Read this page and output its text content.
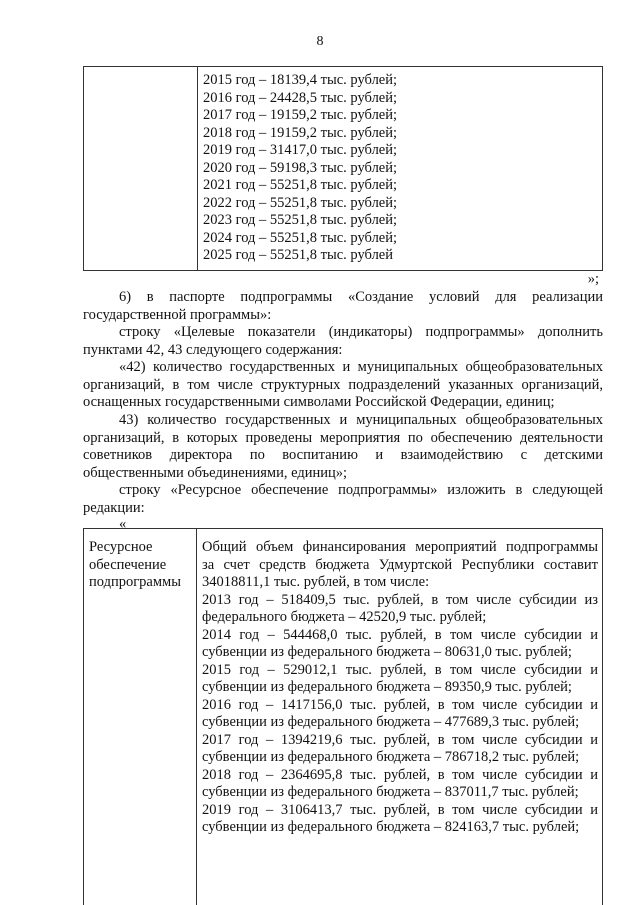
8
2015 год – 18139,4 тыс. рублей;
2016 год – 24428,5 тыс. рублей;
2017 год – 19159,2 тыс. рублей;
2018 год – 19159,2 тыс. рублей;
2019 год – 31417,0 тыс. рублей;
2020 год – 59198,3 тыс. рублей;
2021 год – 55251,8 тыс. рублей;
2022 год – 55251,8 тыс. рублей;
2023 год – 55251,8 тыс. рублей;
2024 год – 55251,8 тыс. рублей;
2025 год – 55251,8 тыс. рублей
»;
6) в паспорте подпрограммы «Создание условий для реализации
государственной программы»:
строку «Целевые показатели (индикаторы) подпрограммы» дополнить
пунктами 42, 43 следующего содержания:
«42) количество государственных и муниципальных общеобразовательных
организаций, в том числе структурных подразделений указанных организаций,
оснащенных государственными символами Российской Федерации, единиц;
43) количество государственных и муниципальных общеобразовательных
организаций, в которых проведены мероприятия по обеспечению деятельности
советников директора по воспитанию и взаимодействию с детскими
общественными объединениями, единиц»;
строку «Ресурсное обеспечение подпрограммы» изложить в следующей
редакции:
«
Ресурсное
обеспечение
подпрограммы
Общий объем финансирования мероприятий подпрограммы
за счет средств бюджета Удмуртской Республики составит
34018811,1 тыс. рублей, в том числе:
2013 год – 518409,5 тыс. рублей, в том числе субсидии из
федерального бюджета – 42520,9 тыс. рублей;
2014 год – 544468,0 тыс. рублей, в том числе субсидии и
субвенции из федерального бюджета – 80631,0 тыс. рублей;
2015 год – 529012,1 тыс. рублей, в том числе субсидии и
субвенции из федерального бюджета – 89350,9 тыс. рублей;
2016 год – 1417156,0 тыс. рублей, в том числе субсидии и
субвенции из федерального бюджета – 477689,3 тыс. рублей;
2017 год – 1394219,6 тыс. рублей, в том числе субсидии и
субвенции из федерального бюджета – 786718,2 тыс. рублей;
2018 год – 2364695,8 тыс. рублей, в том числе субсидии и
субвенции из федерального бюджета – 837011,7 тыс. рублей;
2019 год – 3106413,7 тыс. рублей, в том числе субсидии и
субвенции из федерального бюджета – 824163,7 тыс. рублей;
